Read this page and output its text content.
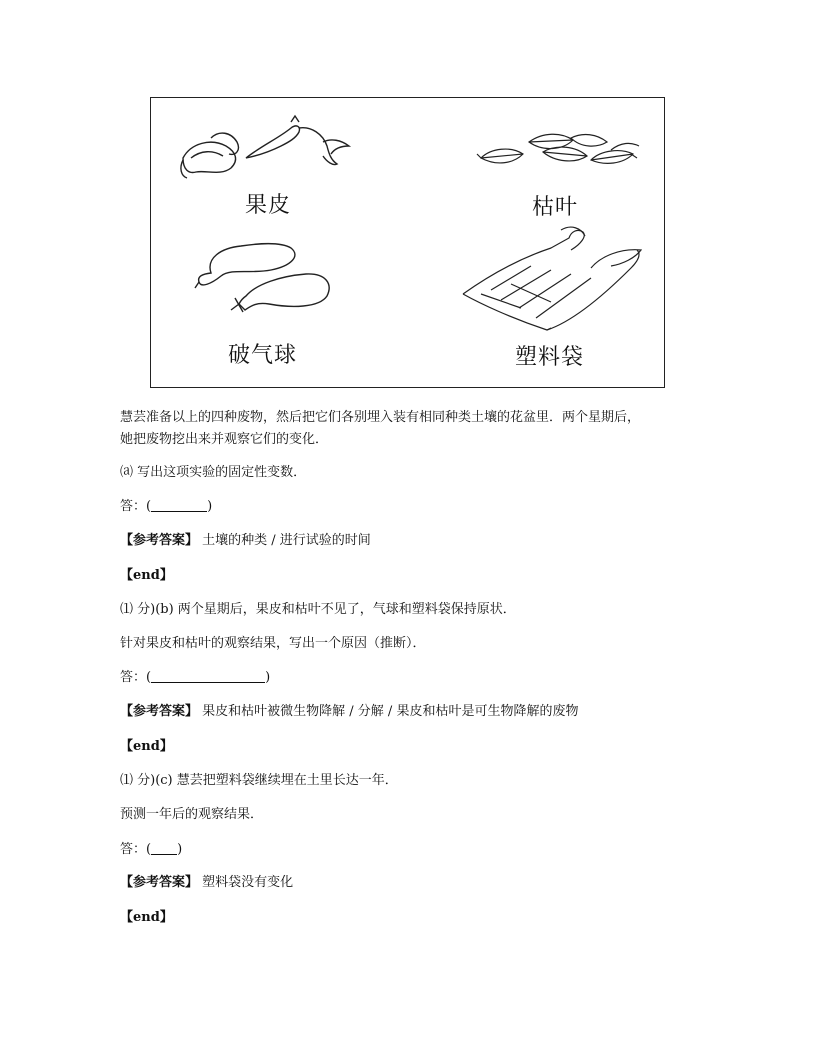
果皮	枯叶
破气球	塑料袋
慧芸准备以上的四种废物，然后把它们各别埋入装有相同种类土壤的花盆里．两个星期后，
她把废物挖出来并观察它们的变化．
⒜ 写出这项实验的固定性变数．
答：(	)
【参考答案】 土壤的种类 / 进行试验的时间
【end】
⑴ 分)(b) 两个星期后，果皮和枯叶不见了，气球和塑料袋保持原状．
针对果皮和枯叶的观察结果，写出一个原因（推断）．
答：(	)
【参考答案】 果皮和枯叶被微生物降解 / 分解 / 果皮和枯叶是可生物降解的废物
【end】
⑴ 分)(c) 慧芸把塑料袋继续埋在土里长达一年．
预测一年后的观察结果．
答：( )
【参考答案】 塑料袋没有变化
【end】
